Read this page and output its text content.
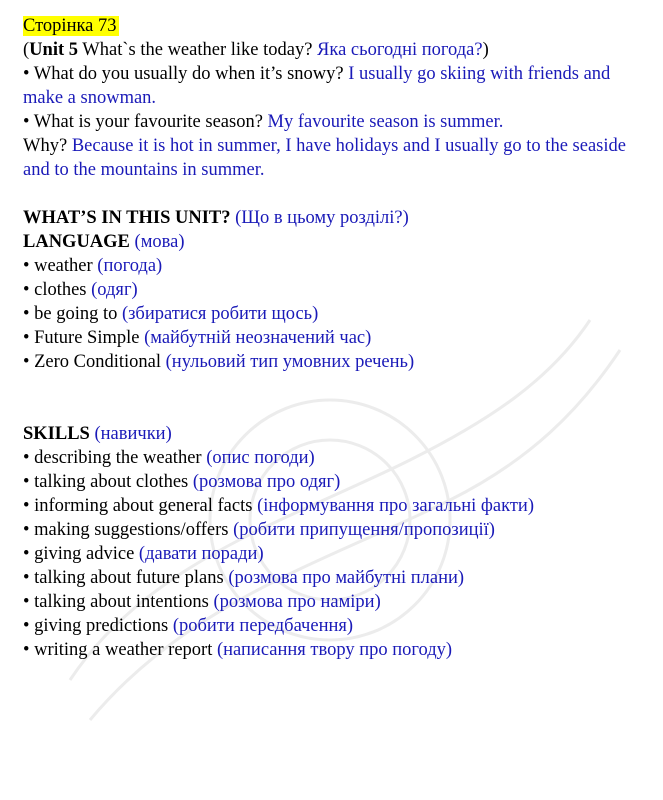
Сторінка 73
(Unit 5 What`s the weather like today? Яка сьогодні погода?)
• What do you usually do when it’s snowy? I usually go skiing with friends and make a snowman.
• What is your favourite season? My favourite season is summer.
Why? Because it is hot in summer, I have holidays and I usually go to the seaside and to the mountains in summer.
WHAT’S IN THIS UNIT? (Що в цьому розділі?)
LANGUAGE (мова)
• weather (погода)
• clothes (одяг)
• be going to (збиратися робити щось)
• Future Simple (майбутній неозначений час)
• Zero Conditional (нульовий тип умовних речень)
SKILLS (навички)
• describing the weather (опис погоди)
• talking about clothes (розмова про одяг)
• informing about general facts (інформування про загальні факти)
• making suggestions/offers (робити припущення/пропозиції)
• giving advice (давати поради)
• talking about future plans (розмова про майбутні плани)
• talking about intentions (розмова про наміри)
• giving predictions (робити передбачення)
• writing a weather report (написання твору про погоду)
